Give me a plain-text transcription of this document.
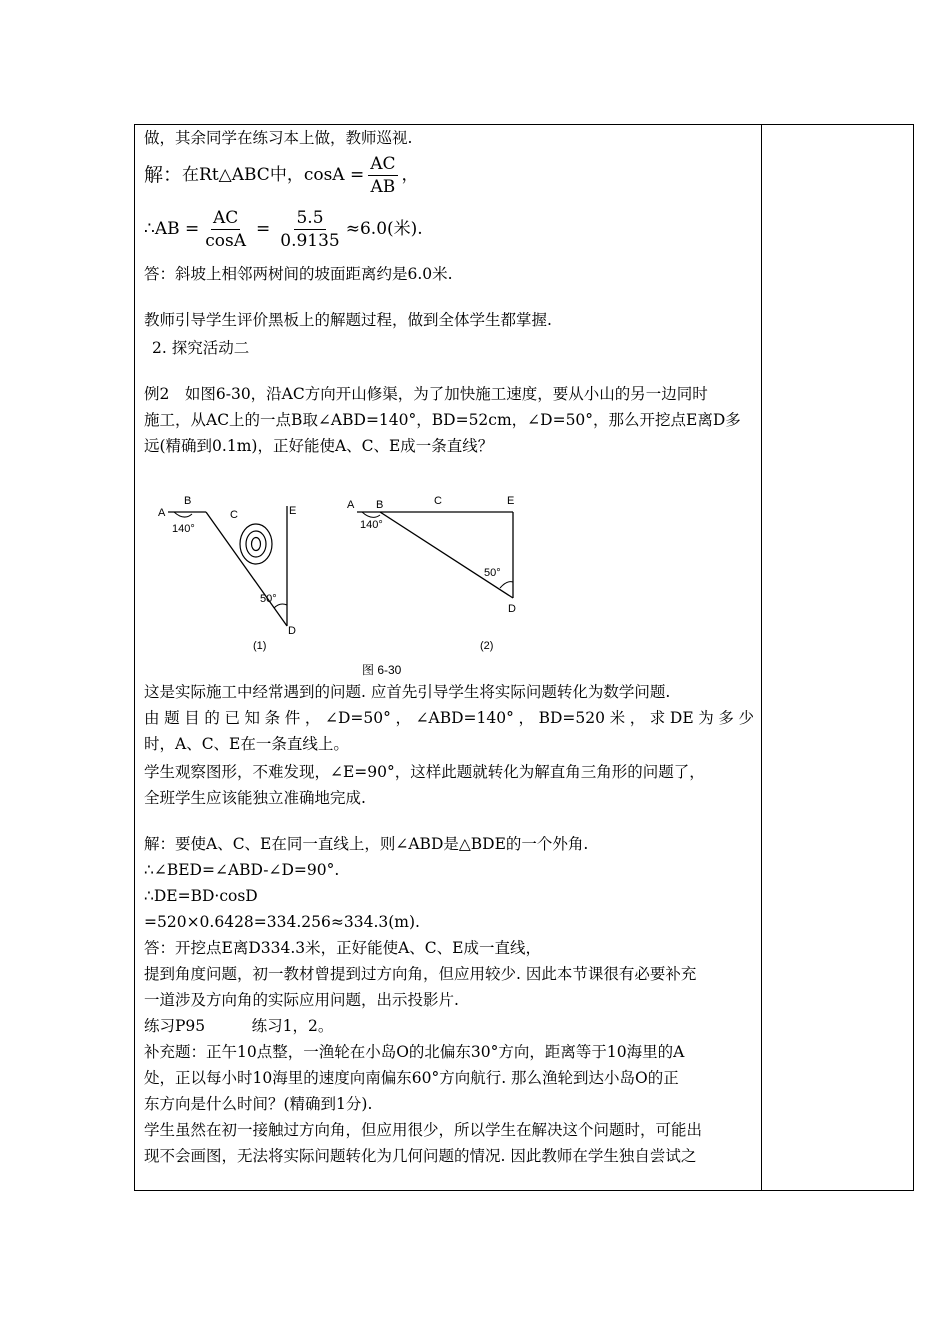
做，其余同学在练习本上做，教师巡视.
解： 在Rt△ABC中，$\cos A = \frac{AC}{AB}$ ，
∴AB = $\frac{AC}{\cos A} = \frac{5.5}{0.9135} \approx 6.0$(米).
答：斜坡上相邻两树间的坡面距离约是6.0米.
教师引导学生评价黑板上的解题过程，做到全体学生都掌握.
2. 探究活动二
例2　如图6-30，沿AC方向开山修渠，为了加快施工速度，要从小山的另一边同时
施工，从AC上的一点B取∠ABD=140°，BD=52cm，∠D=50°，那么开挖点E离D多
远(精确到0.1m)，正好能使A、C、E成一条直线？
A
B
C	E
D
140°
50°
(1)
A B	C	E
D
140°
50°
(2)
图 6-30
这是实际施工中经常遇到的问题. 应首先引导学生将实际问题转化为数学问题.
由 题 目 的 已 知 条 件 ， ∠D=50° ， ∠ABD=140° ， BD=520 米 ， 求 DE 为 多 少
时，A、C、E在一条直线上。
学生观察图形，不难发现，∠E=90°，这样此题就转化为解直角三角形的问题了，
全班学生应该能独立准确地完成.
解：要使A、C、E在同一直线上，则∠ABD是△BDE的一个外角.
∴∠BED=∠ABD-∠D=90°.
∴DE=BD·cosD
=520×0.6428=334.256≈334.3(m).
答：开挖点E离D334.3米，正好能使A、C、E成一直线，
提到角度问题，初一教材曾提到过方向角，但应用较少. 因此本节课很有必要补充
一道涉及方向角的实际应用问题，出示投影片.
练习P95　　　练习1，2。
补充题：正午10点整，一渔轮在小岛O的北偏东30°方向，距离等于10海里的A
处，正以每小时10海里的速度向南偏东60°方向航行. 那么渔轮到达小岛O的正
东方向是什么时间？(精确到1分).
学生虽然在初一接触过方向角，但应用很少，所以学生在解决这个问题时，可能出
现不会画图，无法将实际问题转化为几何问题的情况. 因此教师在学生独自尝试之
